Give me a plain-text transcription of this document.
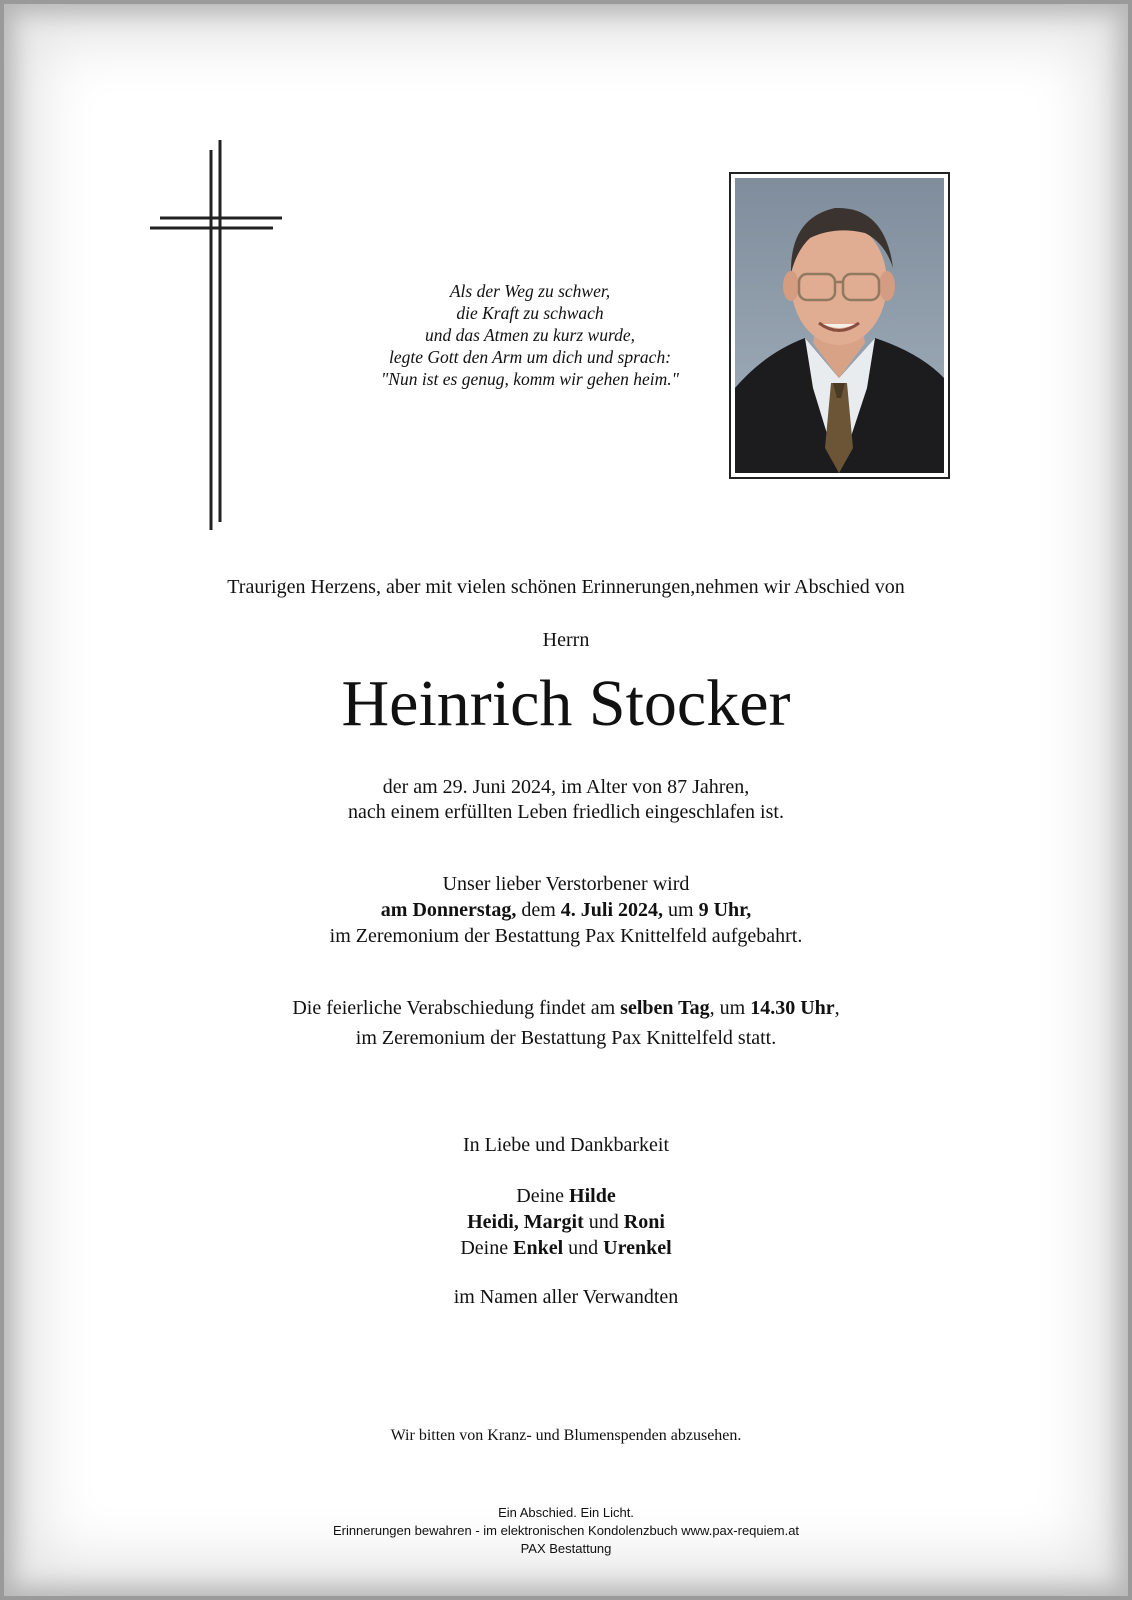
Als der Weg zu schwer,
die Kraft zu schwach
und das Atmen zu kurz wurde,
legte Gott den Arm um dich und sprach:
"Nun ist es genug, komm wir gehen heim."
Traurigen Herzens, aber mit vielen schönen Erinnerungen,nehmen wir Abschied von
Herrn
Heinrich Stocker
der am 29. Juni 2024, im Alter von 87 Jahren,
nach einem erfüllten Leben friedlich eingeschlafen ist.
Unser lieber Verstorbener wird
am Donnerstag, dem 4. Juli 2024, um 9 Uhr,
im Zeremonium der Bestattung Pax Knittelfeld aufgebahrt.
Die feierliche Verabschiedung findet am selben Tag, um 14.30 Uhr,
im Zeremonium der Bestattung Pax Knittelfeld statt.
In Liebe und Dankbarkeit
Deine Hilde
Heidi, Margit und Roni
Deine Enkel und Urenkel
im Namen aller Verwandten
Wir bitten von Kranz- und Blumenspenden abzusehen.
Ein Abschied. Ein Licht.
Erinnerungen bewahren - im elektronischen Kondolenzbuch www.pax-requiem.at
PAX Bestattung
